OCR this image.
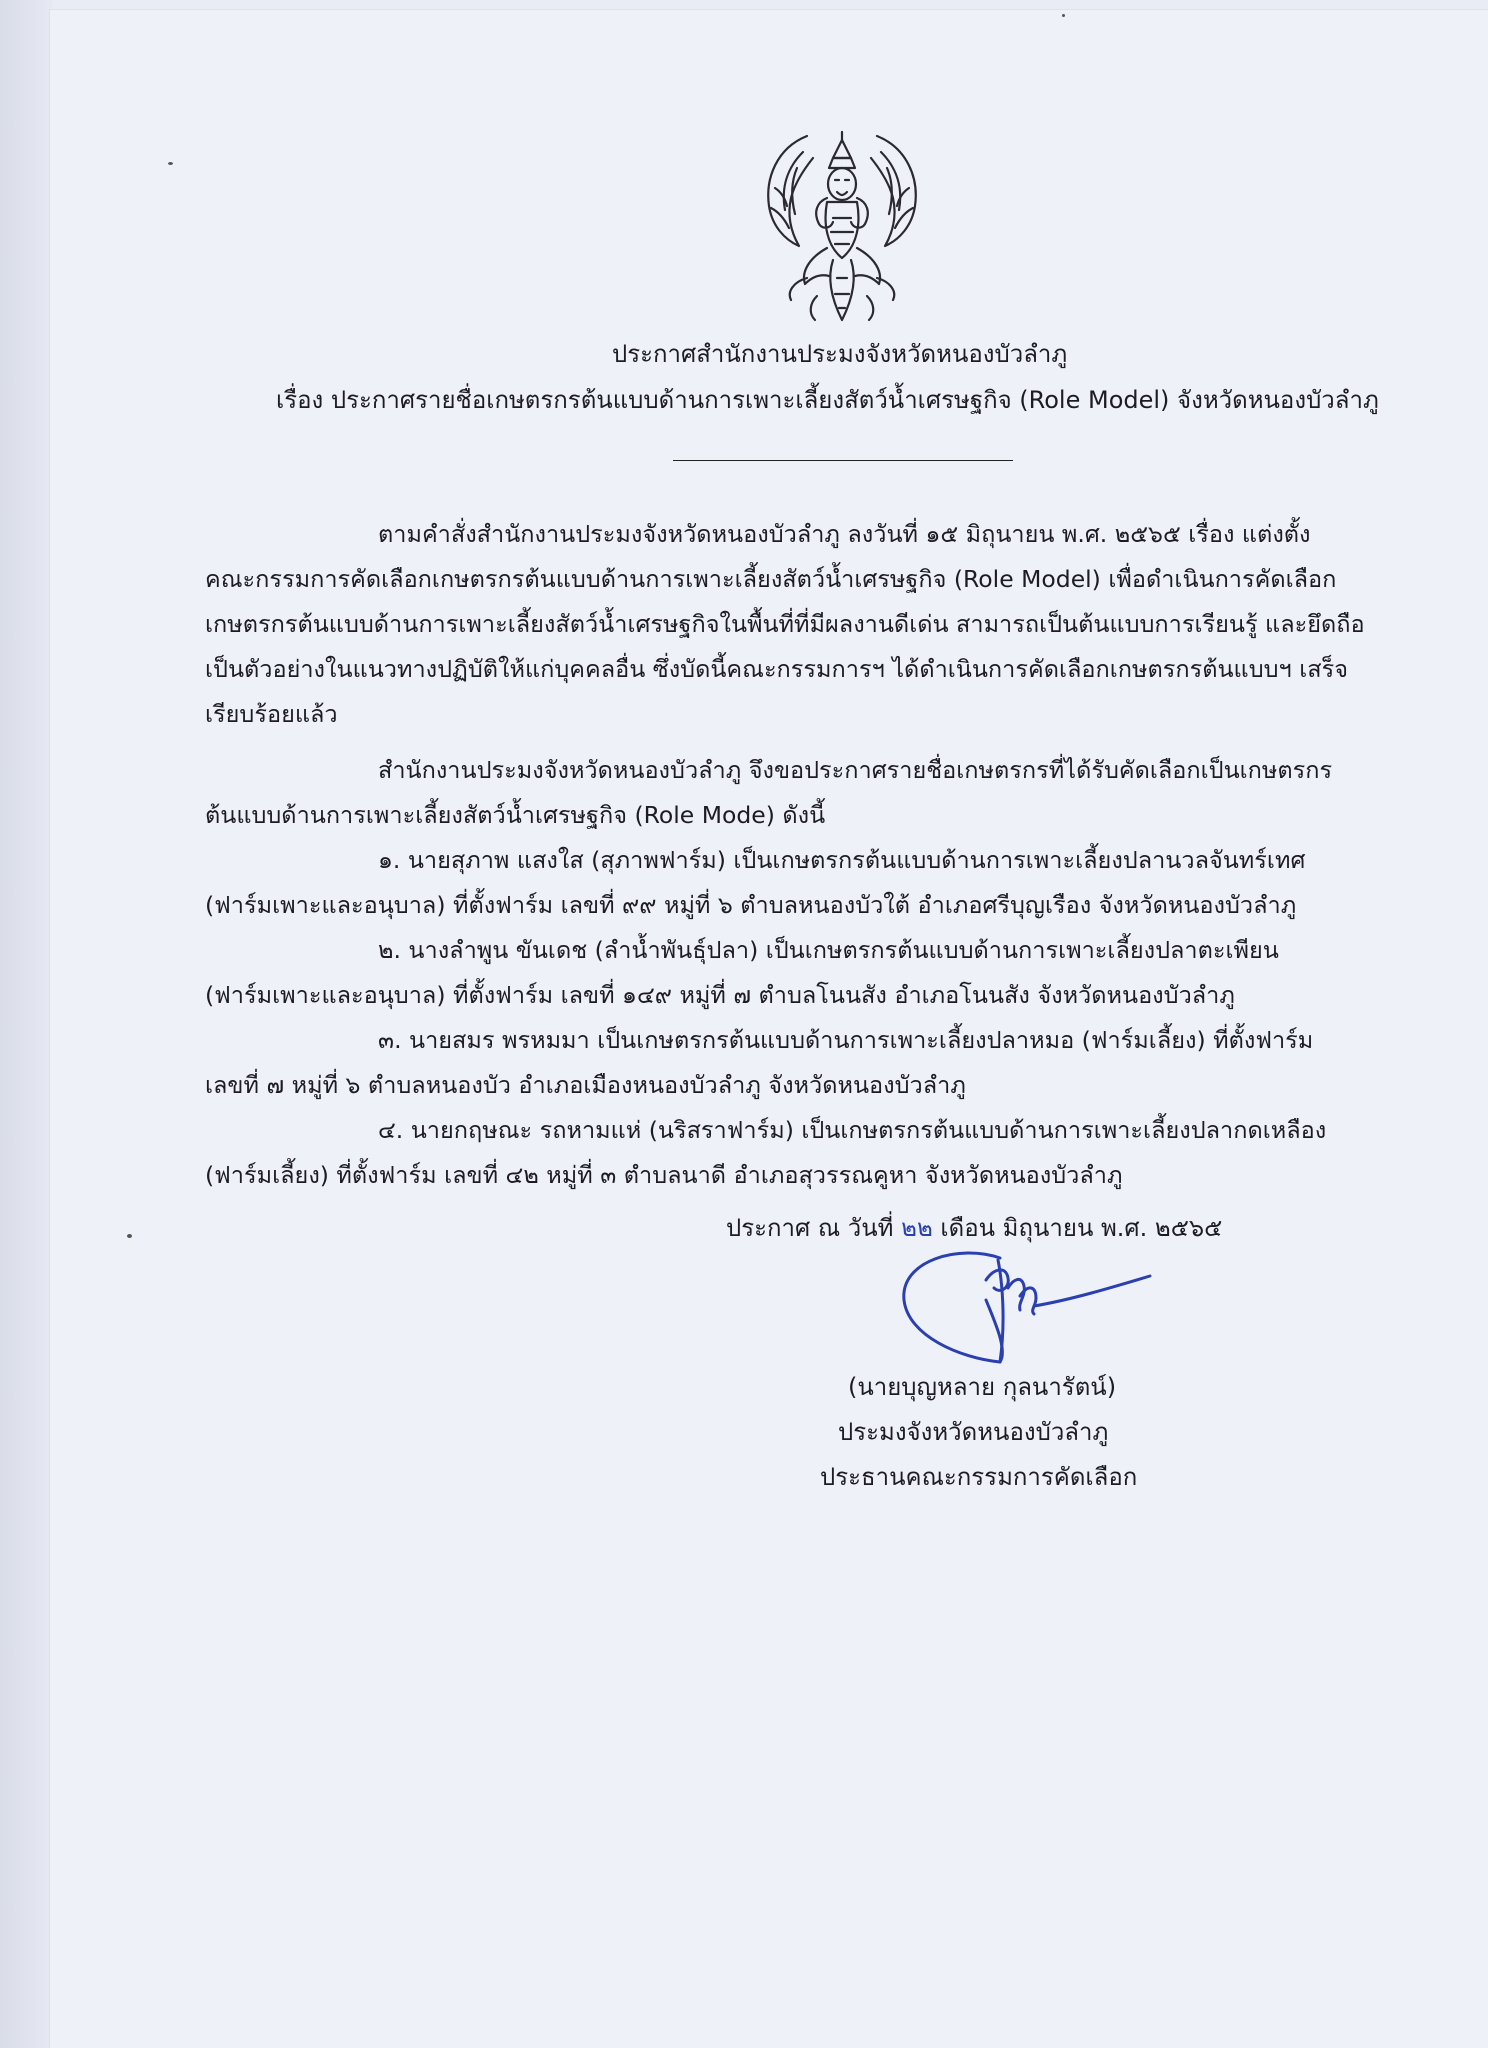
ประกาศสำนักงานประมงจังหวัดหนองบัวลำภู
เรื่อง ประกาศรายชื่อเกษตรกรต้นแบบด้านการเพาะเลี้ยงสัตว์น้ำเศรษฐกิจ (Role Model) จังหวัดหนองบัวลำภู
ตามคำสั่งสำนักงานประมงจังหวัดหนองบัวลำภู ลงวันที่ ๑๕ มิถุนายน พ.ศ. ๒๕๖๕ เรื่อง แต่งตั้ง
คณะกรรมการคัดเลือกเกษตรกรต้นแบบด้านการเพาะเลี้ยงสัตว์น้ำเศรษฐกิจ (Role Model) เพื่อดำเนินการคัดเลือก
เกษตรกรต้นแบบด้านการเพาะเลี้ยงสัตว์น้ำเศรษฐกิจในพื้นที่ที่มีผลงานดีเด่น สามารถเป็นต้นแบบการเรียนรู้ และยึดถือ
เป็นตัวอย่างในแนวทางปฏิบัติให้แก่บุคคลอื่น ซึ่งบัดนี้คณะกรรมการฯ ได้ดำเนินการคัดเลือกเกษตรกรต้นแบบฯ เสร็จ
เรียบร้อยแล้ว
สำนักงานประมงจังหวัดหนองบัวลำภู จึงขอประกาศรายชื่อเกษตรกรที่ได้รับคัดเลือกเป็นเกษตรกร
ต้นแบบด้านการเพาะเลี้ยงสัตว์น้ำเศรษฐกิจ (Role Mode) ดังนี้
๑. นายสุภาพ แสงใส (สุภาพฟาร์ม) เป็นเกษตรกรต้นแบบด้านการเพาะเลี้ยงปลานวลจันทร์เทศ
(ฟาร์มเพาะและอนุบาล) ที่ตั้งฟาร์ม เลขที่ ๙๙ หมู่ที่ ๖ ตำบลหนองบัวใต้ อำเภอศรีบุญเรือง จังหวัดหนองบัวลำภู
๒. นางลำพูน ขันเดช (ลำน้ำพันธุ์ปลา) เป็นเกษตรกรต้นแบบด้านการเพาะเลี้ยงปลาตะเพียน
(ฟาร์มเพาะและอนุบาล) ที่ตั้งฟาร์ม เลขที่ ๑๔๙ หมู่ที่ ๗ ตำบลโนนสัง อำเภอโนนสัง จังหวัดหนองบัวลำภู
๓. นายสมร พรหมมา เป็นเกษตรกรต้นแบบด้านการเพาะเลี้ยงปลาหมอ (ฟาร์มเลี้ยง) ที่ตั้งฟาร์ม
เลขที่ ๗ หมู่ที่ ๖ ตำบลหนองบัว อำเภอเมืองหนองบัวลำภู จังหวัดหนองบัวลำภู
๔. นายกฤษณะ รถหามแห่ (นริสราฟาร์ม) เป็นเกษตรกรต้นแบบด้านการเพาะเลี้ยงปลากดเหลือง
(ฟาร์มเลี้ยง) ที่ตั้งฟาร์ม เลขที่ ๔๒ หมู่ที่ ๓ ตำบลนาดี อำเภอสุวรรณคูหา จังหวัดหนองบัวลำภู
ประกาศ ณ วันที่ ๒๒ เดือน มิถุนายน พ.ศ. ๒๕๖๕
(นายบุญหลาย กุลนารัตน์)
ประมงจังหวัดหนองบัวลำภู
ประธานคณะกรรมการคัดเลือก
